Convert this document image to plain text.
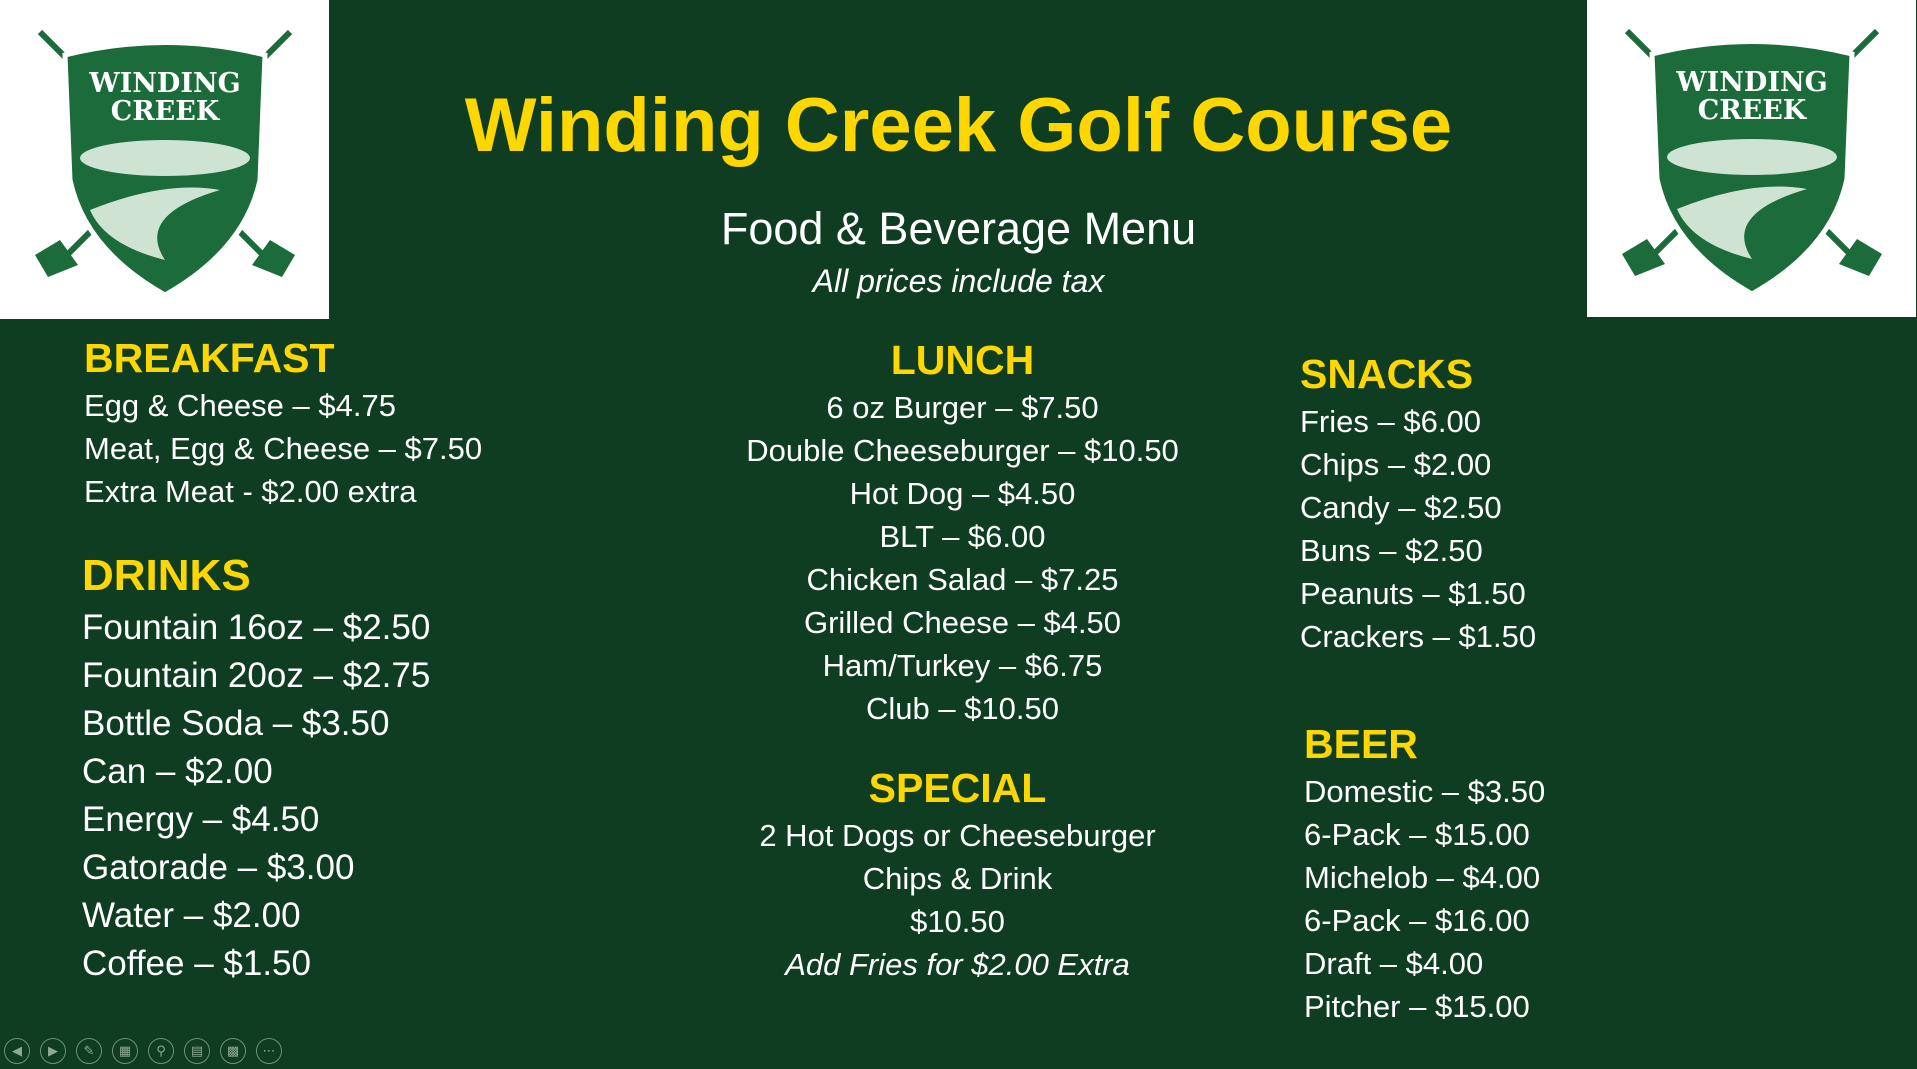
WINDING
CREEK
WINDING
CREEK
Winding Creek Golf Course
Food & Beverage Menu
All prices include tax
BREAKFAST
Egg & Cheese – $4.75
Meat, Egg & Cheese – $7.50
Extra Meat - $2.00 extra
DRINKS
Fountain 16oz – $2.50
Fountain 20oz – $2.75
Bottle Soda – $3.50
Can – $2.00
Energy – $4.50
Gatorade – $3.00
Water – $2.00
Coffee – $1.50
LUNCH
6 oz Burger – $7.50
Double Cheeseburger – $10.50
Hot Dog – $4.50
BLT – $6.00
Chicken Salad – $7.25
Grilled Cheese – $4.50
Ham/Turkey – $6.75
Club – $10.50
SPECIAL
2 Hot Dogs or Cheeseburger
Chips & Drink
$10.50
Add Fries for $2.00 Extra
SNACKS
Fries – $6.00
Chips – $2.00
Candy – $2.50
Buns – $2.50
Peanuts – $1.50
Crackers – $1.50
BEER
Domestic – $3.50
6-Pack – $15.00
Michelob – $4.00
6-Pack – $16.00
Draft – $4.00
Pitcher – $15.00
◀	▶	✎	▦	⚲	▤	▩	⋯
